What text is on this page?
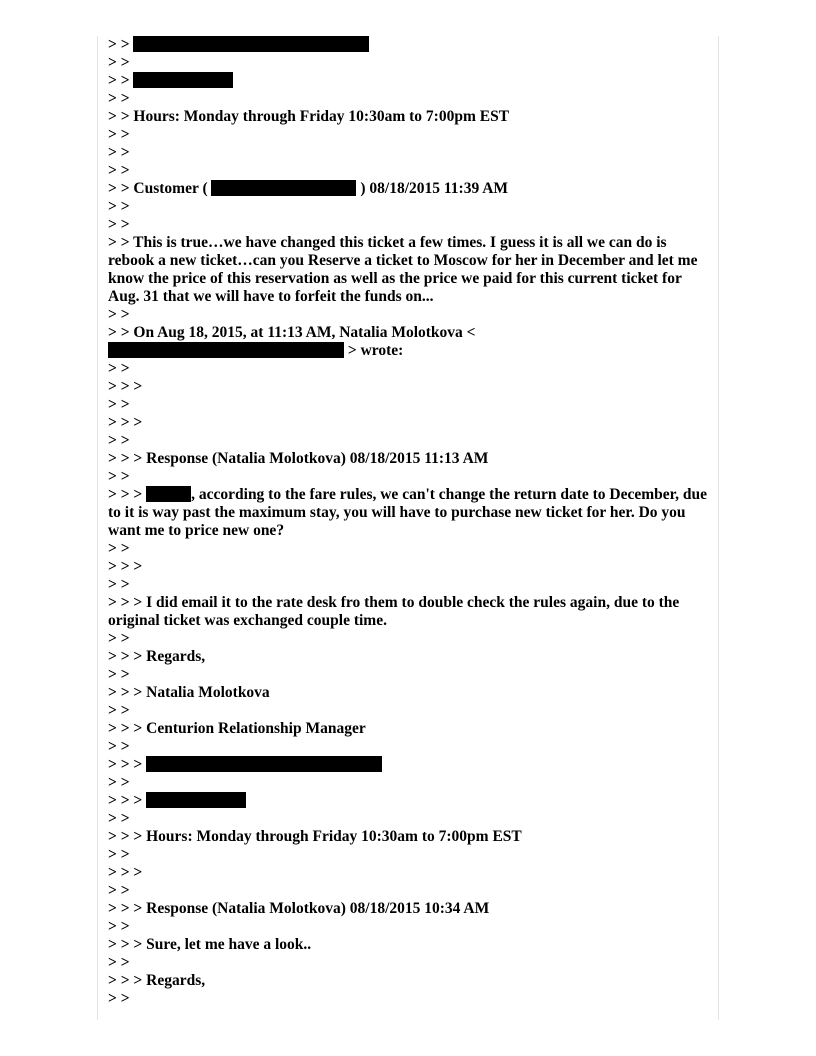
> >
> >
> >
> >
> > Hours: Monday through Friday 10:30am to 7:00pm EST
> >
> >
> >
> > Customer (	) 08/18/2015 11:39 AM
> >
> >
> > This is true…we have changed this ticket a few times. I guess it is all we can do is rebook a new ticket…can you Reserve a ticket to Moscow for her in December and let me know the price of this reservation as well as the price we paid for this current ticket for Aug. 31 that we will have to forfeit the funds on...
> >
> > On Aug 18, 2015, at 11:13 AM, Natalia Molotkova <
> wrote:
> >
> > >
> >
> > >
> >
> > > Response (Natalia Molotkova) 08/18/2015 11:13 AM
> >
> > >	, according to the fare rules, we can't change the return date to December, due to it is way past the maximum stay, you will have to purchase new ticket for her. Do you want me to price new one?
> >
> > >
> >
> > > I did email it to the rate desk fro them to double check the rules again, due to the original ticket was exchanged couple time.
> >
> > > Regards,
> >
> > > Natalia Molotkova
> >
> > > Centurion Relationship Manager
> >
> > >
> >
> > >
> >
> > > Hours: Monday through Friday 10:30am to 7:00pm EST
> >
> > >
> >
> > > Response (Natalia Molotkova) 08/18/2015 10:34 AM
> >
> > > Sure, let me have a look..
> >
> > > Regards,
> >
